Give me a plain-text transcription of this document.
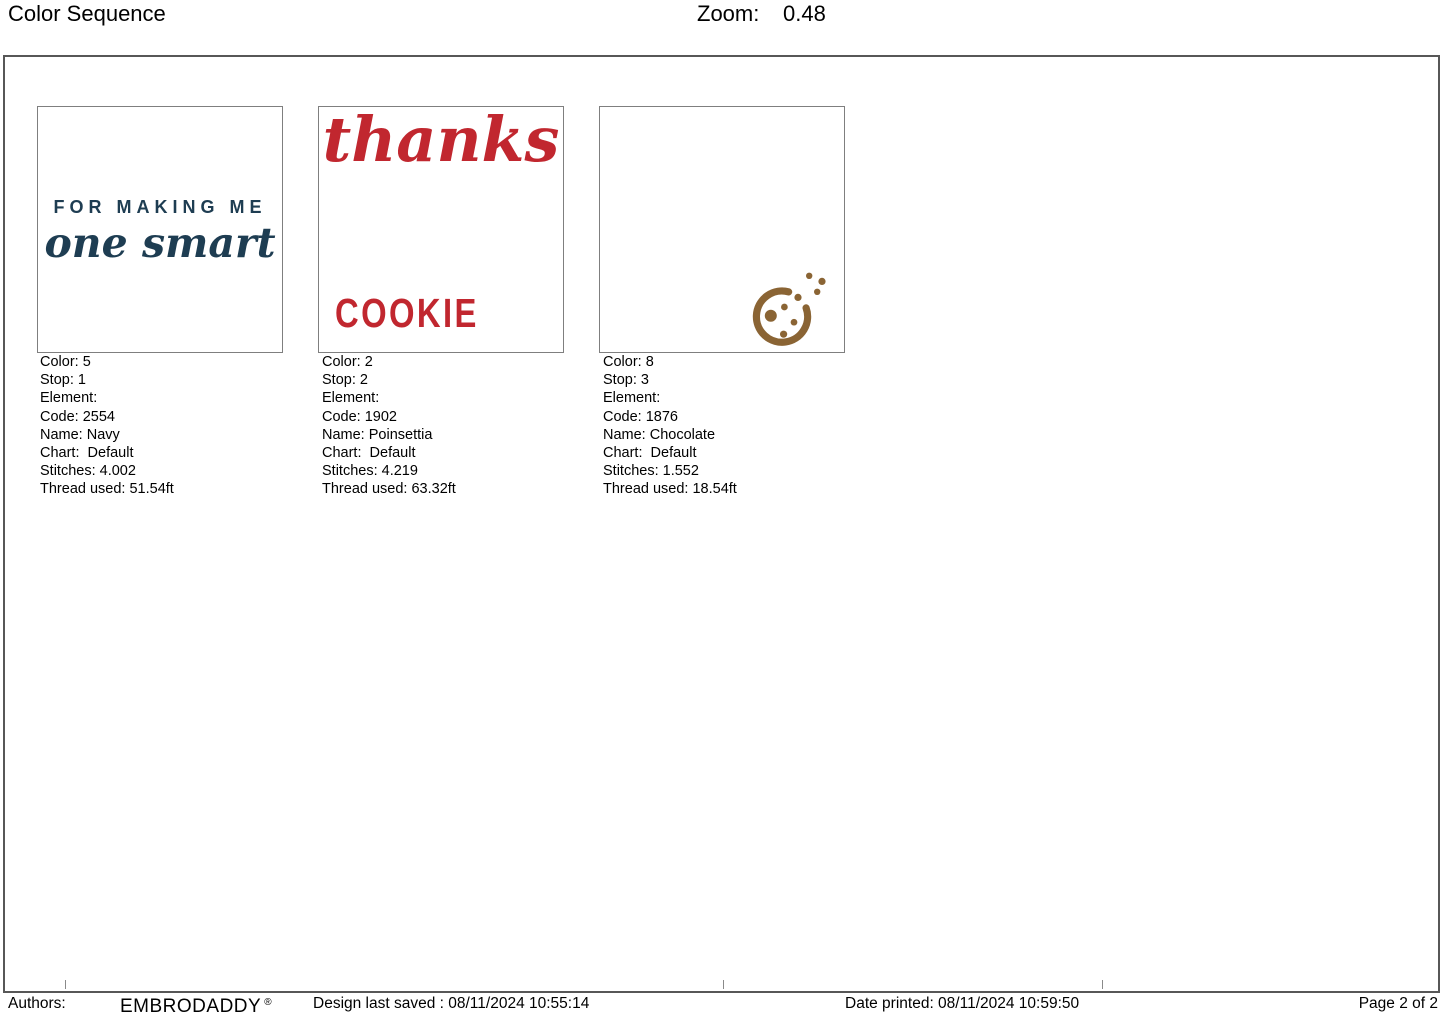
Color Sequence	Zoom: 0.48
FOR MAKING ME
one smart
thanks
COOKIE
Color: 5
Stop: 1
Element:
Code: 2554
Name: Navy
Chart:  Default
Stitches: 4.002
Thread used: 51.54ft
Color: 2
Stop: 2
Element:
Code: 1902
Name: Poinsettia
Chart:  Default
Stitches: 4.219
Thread used: 63.32ft
Color: 8
Stop: 3
Element:
Code: 1876
Name: Chocolate
Chart:  Default
Stitches: 1.552
Thread used: 18.54ft
Authors:	EMBRODADDY ®	Design last saved : 08/11/2024 10:55:14	Date printed: 08/11/2024 10:59:50	Page 2 of 2
